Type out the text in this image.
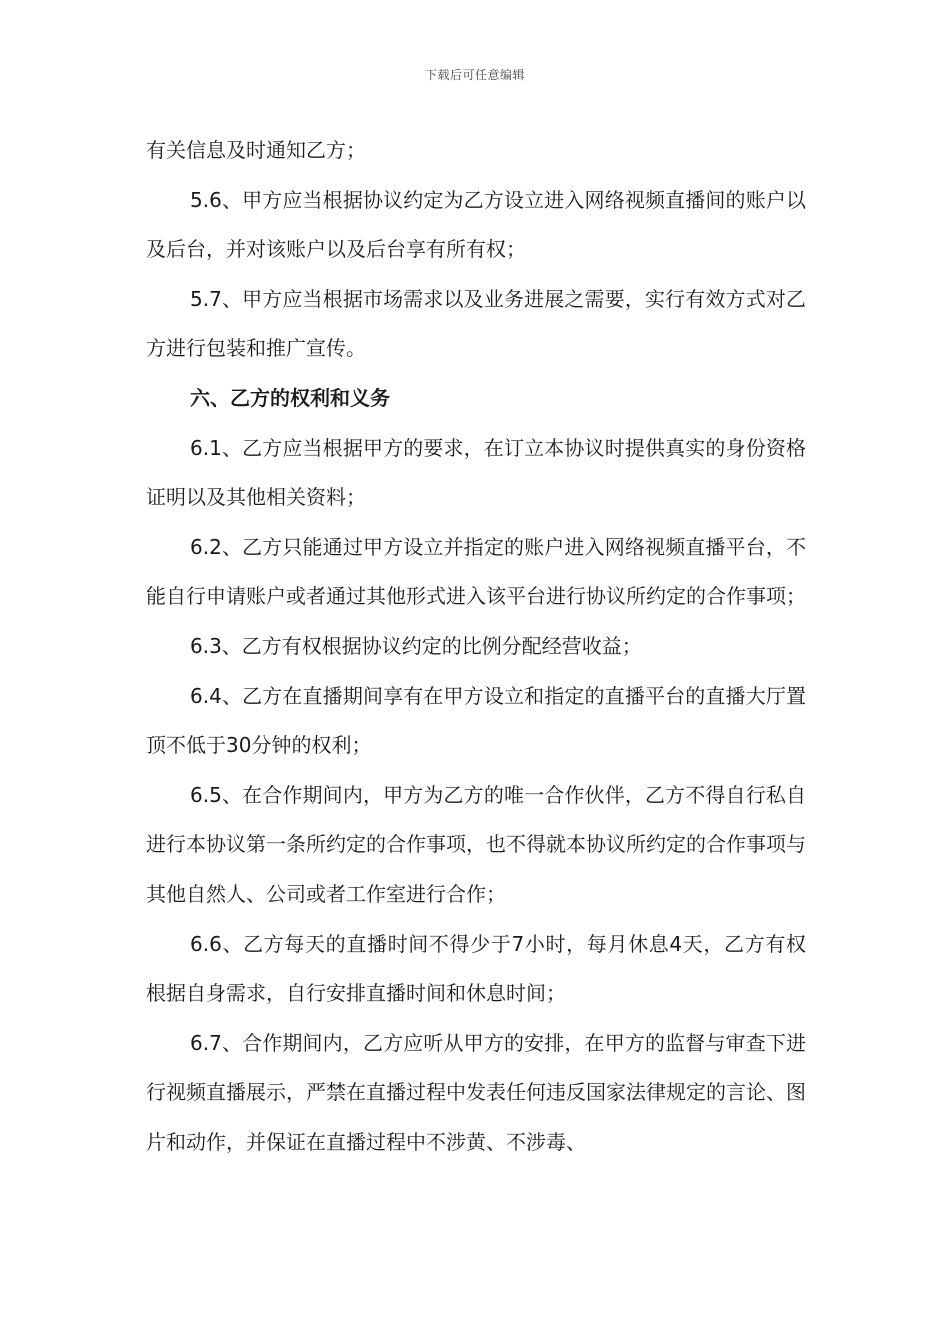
下载后可任意编辑

有关信息及时通知乙方；

5.6、甲方应当根据协议约定为乙方设立进入网络视频直播间的账户以及后台，并对该账户以及后台享有所有权；

5.7、甲方应当根据市场需求以及业务进展之需要，实行有效方式对乙方进行包装和推广宣传。

六、乙方的权利和义务

6.1、乙方应当根据甲方的要求，在订立本协议时提供真实的身份资格证明以及其他相关资料；

6.2、乙方只能通过甲方设立并指定的账户进入网络视频直播平台，不能自行申请账户或者通过其他形式进入该平台进行协议所约定的合作事项；

6.3、乙方有权根据协议约定的比例分配经营收益；

6.4、乙方在直播期间享有在甲方设立和指定的直播平台的直播大厅置顶不低于30分钟的权利；

6.5、在合作期间内，甲方为乙方的唯一合作伙伴，乙方不得自行私自进行本协议第一条所约定的合作事项，也不得就本协议所约定的合作事项与其他自然人、公司或者工作室进行合作；

6.6、乙方每天的直播时间不得少于7小时，每月休息4天，乙方有权根据自身需求，自行安排直播时间和休息时间；

6.7、合作期间内，乙方应听从甲方的安排，在甲方的监督与审查下进行视频直播展示，严禁在直播过程中发表任何违反国家法律规定的言论、图片和动作，并保证在直播过程中不涉黄、不涉毒、
